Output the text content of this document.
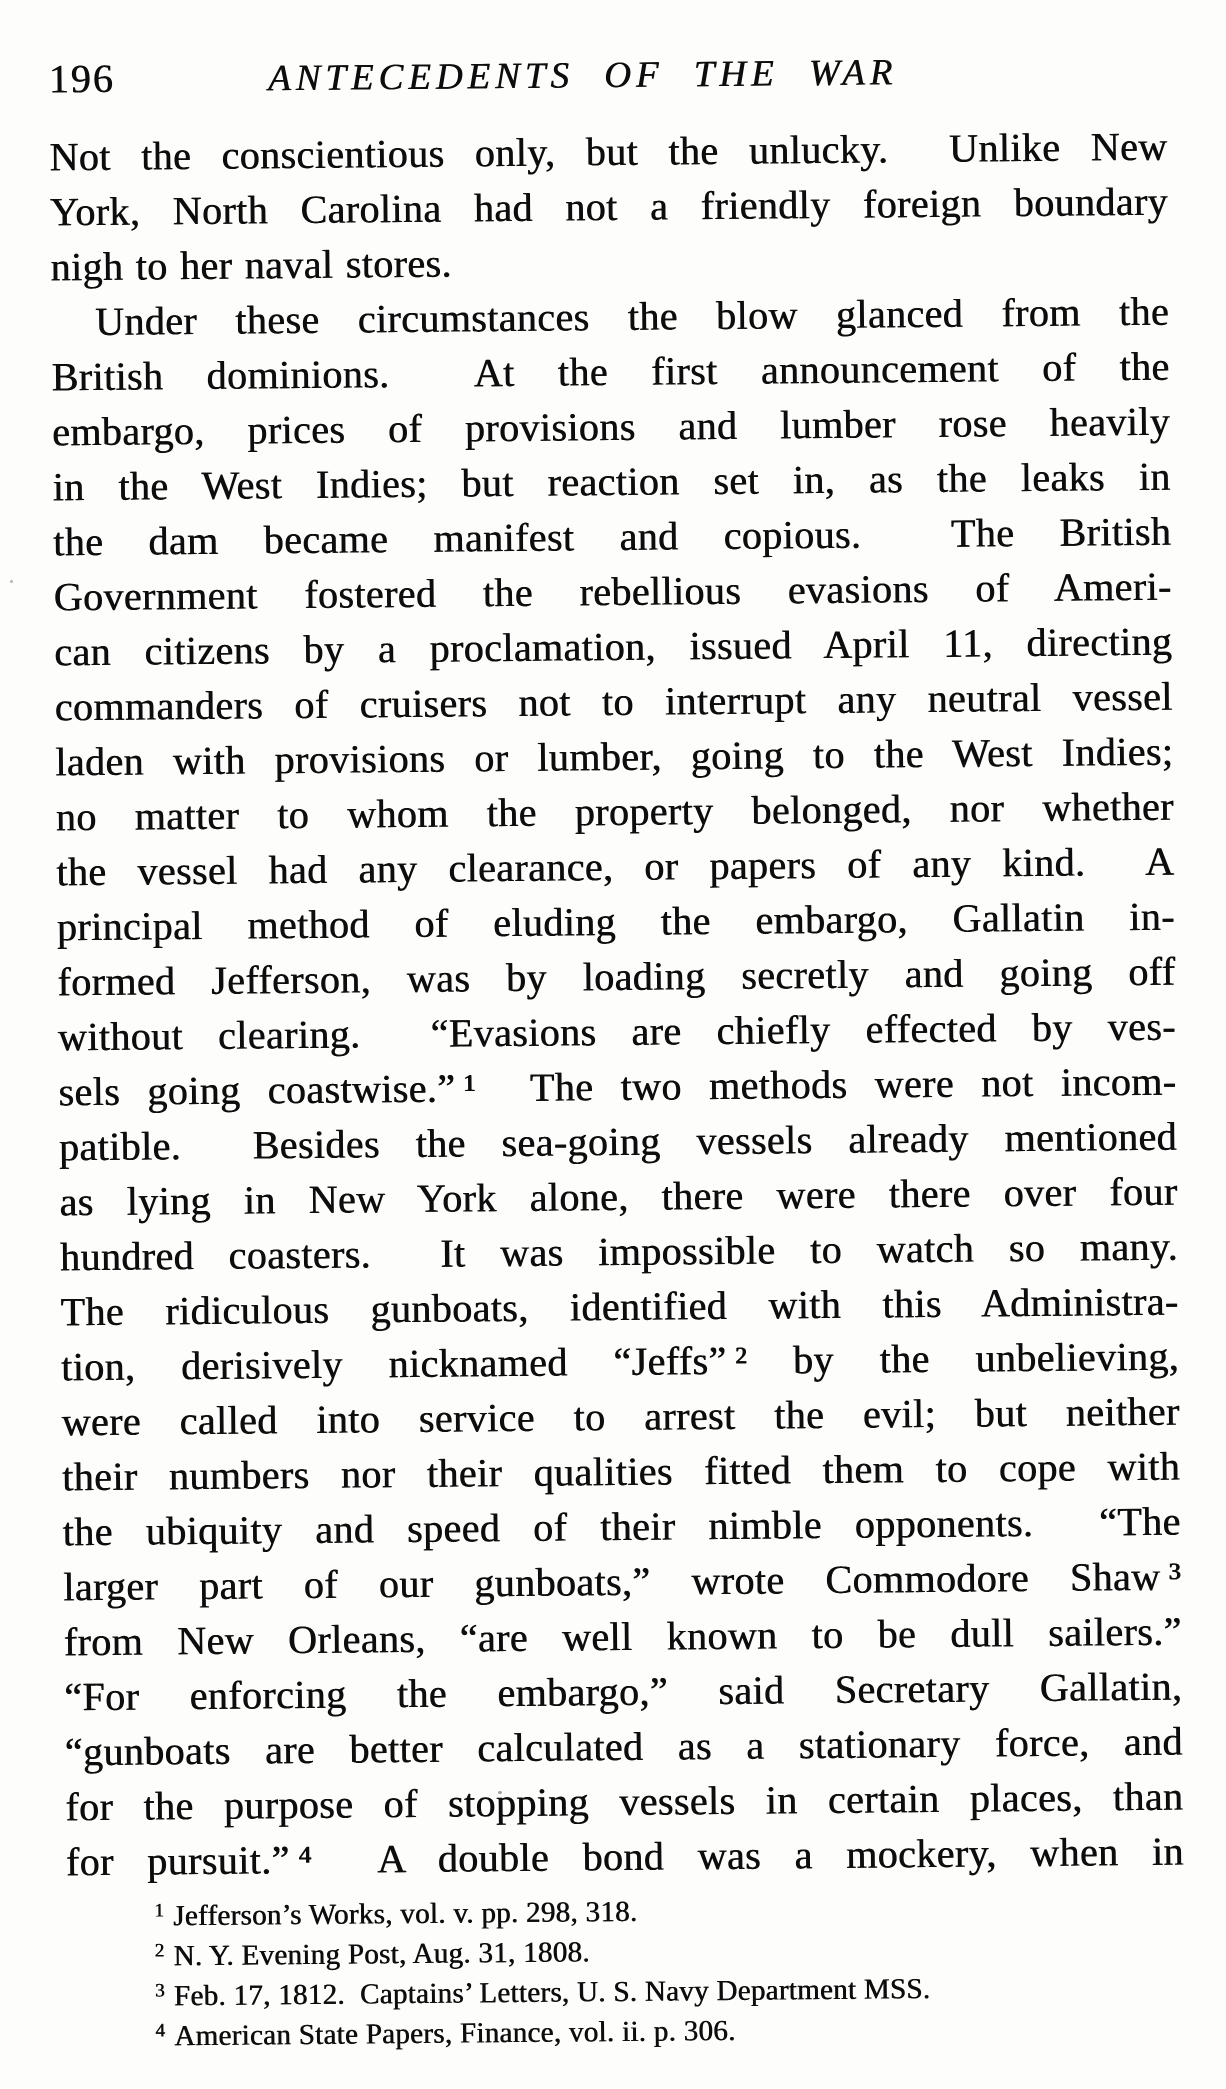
196	ANTECEDENTS OF THE WAR
Not the conscientious only, but the unlucky.  Unlike New
York, North Carolina had not a friendly foreign boundary
nigh to her naval stores.
Under these circumstances the blow glanced from the
British dominions.  At the first announcement of the
embargo, prices of provisions and lumber rose heavily
in the West Indies; but reaction set in, as the leaks in
the dam became manifest and copious.  The British
Government fostered the rebellious evasions of Ameri-
can citizens by a proclamation, issued April 11, directing
commanders of cruisers not to interrupt any neutral vessel
laden with provisions or lumber, going to the West Indies;
no matter to whom the property belonged, nor whether
the vessel had any clearance, or papers of any kind.  A
principal method of eluding the embargo, Gallatin in-
formed Jefferson, was by loading secretly and going off
without clearing.  “Evasions are chiefly effected by ves-
sels going coastwise.” ¹  The two methods were not incom-
patible.  Besides the sea-going vessels already mentioned
as lying in New York alone, there were there over four
hundred coasters.  It was impossible to watch so many.
The ridiculous gunboats, identified with this Administra-
tion, derisively nicknamed “Jeffs” ² by the unbelieving,
were called into service to arrest the evil; but neither
their numbers nor their qualities fitted them to cope with
the ubiquity and speed of their nimble opponents.  “The
larger part of our gunboats,” wrote Commodore Shaw ³
from New Orleans, “are well known to be dull sailers.”
“For enforcing the embargo,” said Secretary Gallatin,
“gunboats are better calculated as a stationary force, and
for the purpose of stopping vessels in certain places, than
for pursuit.” ⁴  A double bond was a mockery, when in
1 Jefferson’s Works, vol. v. pp. 298, 318.
2 N. Y. Evening Post, Aug. 31, 1808.
3 Feb. 17, 1812.  Captains’ Letters, U. S. Navy Department MSS.
4 American State Papers, Finance, vol. ii. p. 306.
